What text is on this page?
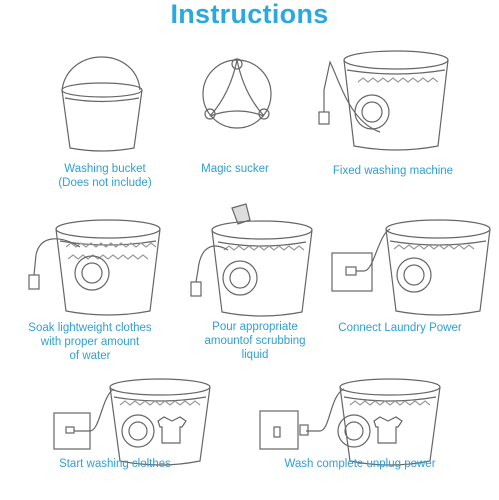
Instructions
Washing bucket
(Does not include)
Magic sucker	Fixed washing machine
Soak lightweight clothes
with proper amount
of water
Pour appropriate
amountof scrubbing
liquid
Connect Laundry Power
Start washing clolthes	Wash complete unplug power
